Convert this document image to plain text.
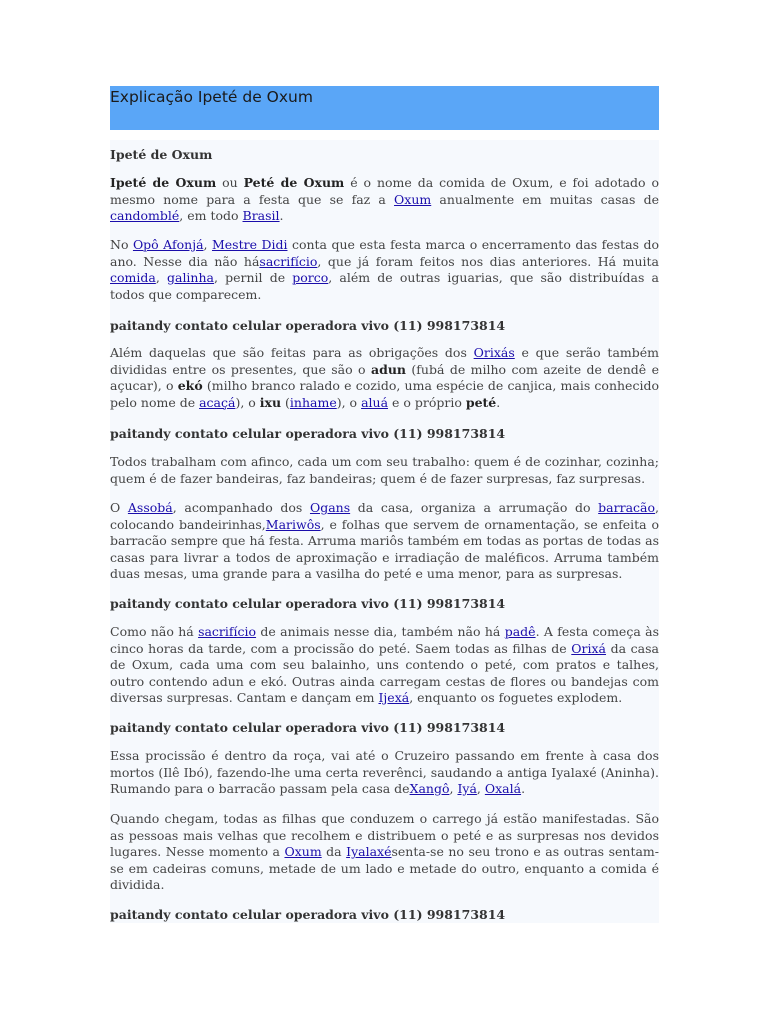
Explicação Ipeté de Oxum
Ipeté de Oxum
Ipeté de Oxum ou Peté de Oxum é o nome da comida de Oxum, e foi adotado o mesmo nome para a festa que se faz a Oxum anualmente em muitas casas de candomblé, em todo Brasil.
No Opô Afonjá, Mestre Didi conta que esta festa marca o encerramento das festas do ano. Nesse dia não hásacrifício, que já foram feitos nos dias anteriores. Há muita comida, galinha, pernil de porco, além de outras iguarias, que são distribuídas a todos que comparecem.
paitandy contato celular operadora vivo (11) 998173814
Além daquelas que são feitas para as obrigações dos Orixás e que serão também divididas entre os presentes, que são o adun (fubá de milho com azeite de dendê e açucar), o ekó (milho branco ralado e cozido, uma espécie de canjica, mais conhecido pelo nome de acaçá), o ixu (inhame), o aluá e o próprio peté.
paitandy contato celular operadora vivo (11) 998173814
Todos trabalham com afinco, cada um com seu trabalho: quem é de cozinhar, cozinha; quem é de fazer bandeiras, faz bandeiras; quem é de fazer surpresas, faz surpresas.
O Assobá, acompanhado dos Ogans da casa, organiza a arrumação do barracão, colocando bandeirinhas,Mariwôs, e folhas que servem de ornamentação, se enfeita o barracão sempre que há festa. Arruma mariôs também em todas as portas de todas as casas para livrar a todos de aproximação e irradiação de maléficos. Arruma também duas mesas, uma grande para a vasilha do peté e uma menor, para as surpresas.
paitandy contato celular operadora vivo (11) 998173814
Como não há sacrifício de animais nesse dia, também não há padê. A festa começa às cinco horas da tarde, com a procissão do peté. Saem todas as filhas de Orixá da casa de Oxum, cada uma com seu balainho, uns contendo o peté, com pratos e talhes, outro contendo adun e ekó. Outras ainda carregam cestas de flores ou bandejas com diversas surpresas. Cantam e dançam em Ijexá, enquanto os foguetes explodem.
paitandy contato celular operadora vivo (11) 998173814
Essa procissão é dentro da roça, vai até o Cruzeiro passando em frente à casa dos mortos (Ilê Ibó), fazendo-lhe uma certa reverênci, saudando a antiga Iyalaxé (Aninha). Rumando para o barracão passam pela casa deXangô, Iyá, Oxalá.
Quando chegam, todas as filhas que conduzem o carrego já estão manifestadas. São as pessoas mais velhas que recolhem e distribuem o peté e as surpresas nos devidos lugares. Nesse momento a Oxum da Iyalaxésenta-se no seu trono e as outras sentam-se em cadeiras comuns, metade de um lado e metade do outro, enquanto a comida é dividida.
paitandy contato celular operadora vivo (11) 998173814
